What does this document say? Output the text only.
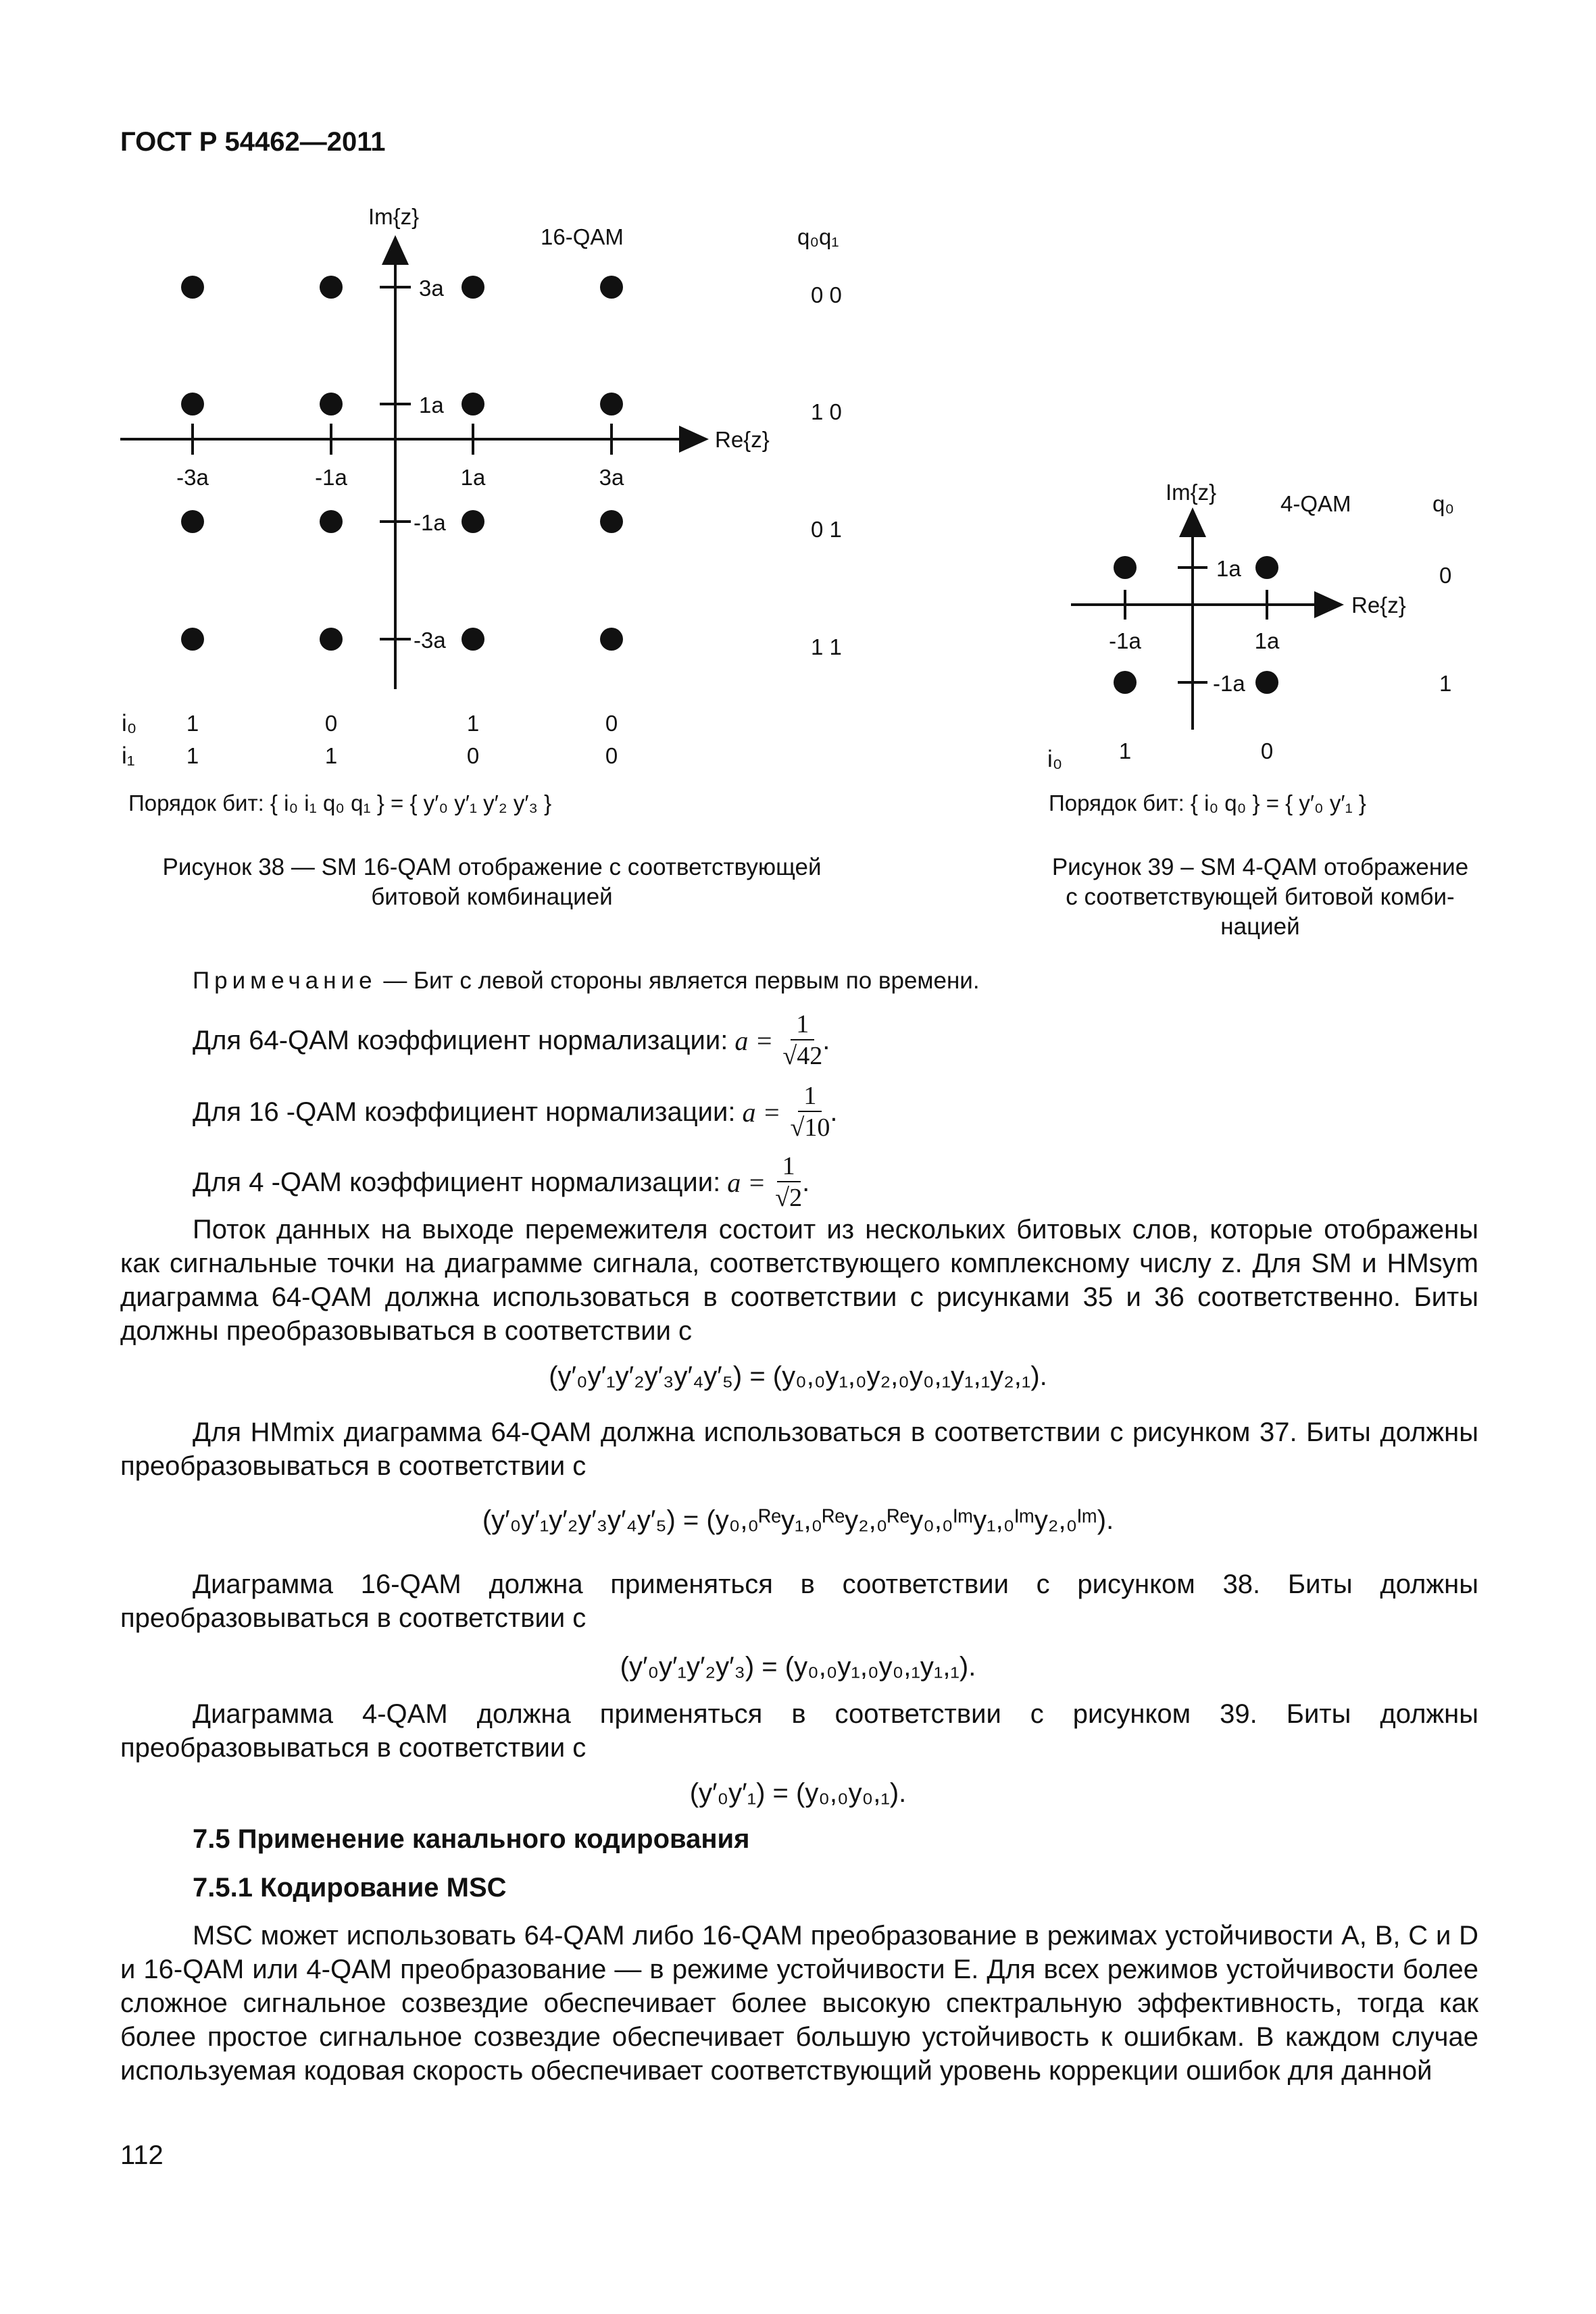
ГОСТ Р 54462—2011
Im{z}
16-QAM	q₀q₁
Re{z}
-3a	-1a	1a	3a
3a
1a
-1a
-3a
0 0
1 0
0 1
1 1
i₀
i₁
1	0	1	0
1	1	0	0
Порядок бит: { i₀ i₁ q₀ q₁ } = { y′₀ y′₁ y′₂ y′₃ }
Рисунок 38 — SM 16-QAM отображение с соответствующей
битовой комбинацией
Im{z}	4-QAM	q₀
Re{z}
-1a	1a
1a
-1a
0
1
i₀	1	0
Порядок бит: { i₀ q₀ } = { y′₀ y′₁ }
Рисунок 39 – SM 4-QAM отображение
с соответствующей битовой комби-
нацией
Примечание — Бит с левой стороны является первым по времени.
Для 64-QAM коэффициент нормализации: $a = \frac{1}{√42}$ .
Для 16 -QAM коэффициент нормализации: $a = \frac{1}{√10}$ .
Для 4 -QAM коэффициент нормализации: $a = \frac{1}{√2}$ .

Поток данных на выходе перемежителя состоит из нескольких битовых слов, которые отображены как сигнальные точки на диаграмме сигнала, соответствующего комплексному числу z. Для SM и HMsym диаграмма 64-QAM должна использоваться в соответствии с рисунками 35 и 36 соответственно. Биты должны преобразовываться в соответствии с

(y′₀y′₁y′₂y′₃y′₄y′₅) = (y₀,₀y₁,₀y₂,₀y₀,₁y₁,₁y₂,₁).

Для HMmix диаграмма 64-QAM должна использоваться в соответствии с рисунком 37. Биты должны преобразовываться в соответствии с

(y′₀y′₁y′₂y′₃y′₄y′₅) = (y₀,₀ᴿᵉy₁,₀ᴿᵉy₂,₀ᴿᵉy₀,₀ᴵᵐy₁,₀ᴵᵐy₂,₀ᴵᵐ).

Диаграмма 16-QAM должна применяться в соответствии с рисунком 38. Биты должны преобразовываться в соответствии с

(y′₀y′₁y′₂y′₃) = (y₀,₀y₁,₀y₀,₁y₁,₁).

Диаграмма 4-QAM должна применяться в соответствии с рисунком 39. Биты должны преобразовываться в соответствии с

(y′₀y′₁) = (y₀,₀y₀,₁).
7.5 Применение канального кодирования
7.5.1 Кодирование MSC

MSC может использовать 64-QAM либо 16-QAM преобразование в режимах устойчивости A, B, C и D и 16-QAM или 4-QAM преобразование — в режиме устойчивости E. Для всех режимов устойчивости более сложное сигнальное созвездие обеспечивает более высокую спектральную эффективность, тогда как более простое сигнальное созвездие обеспечивает большую устойчивость к ошибкам. В каждом случае используемая кодовая скорость обеспечивает соответствующий уровень коррекции ошибок для данной

112
